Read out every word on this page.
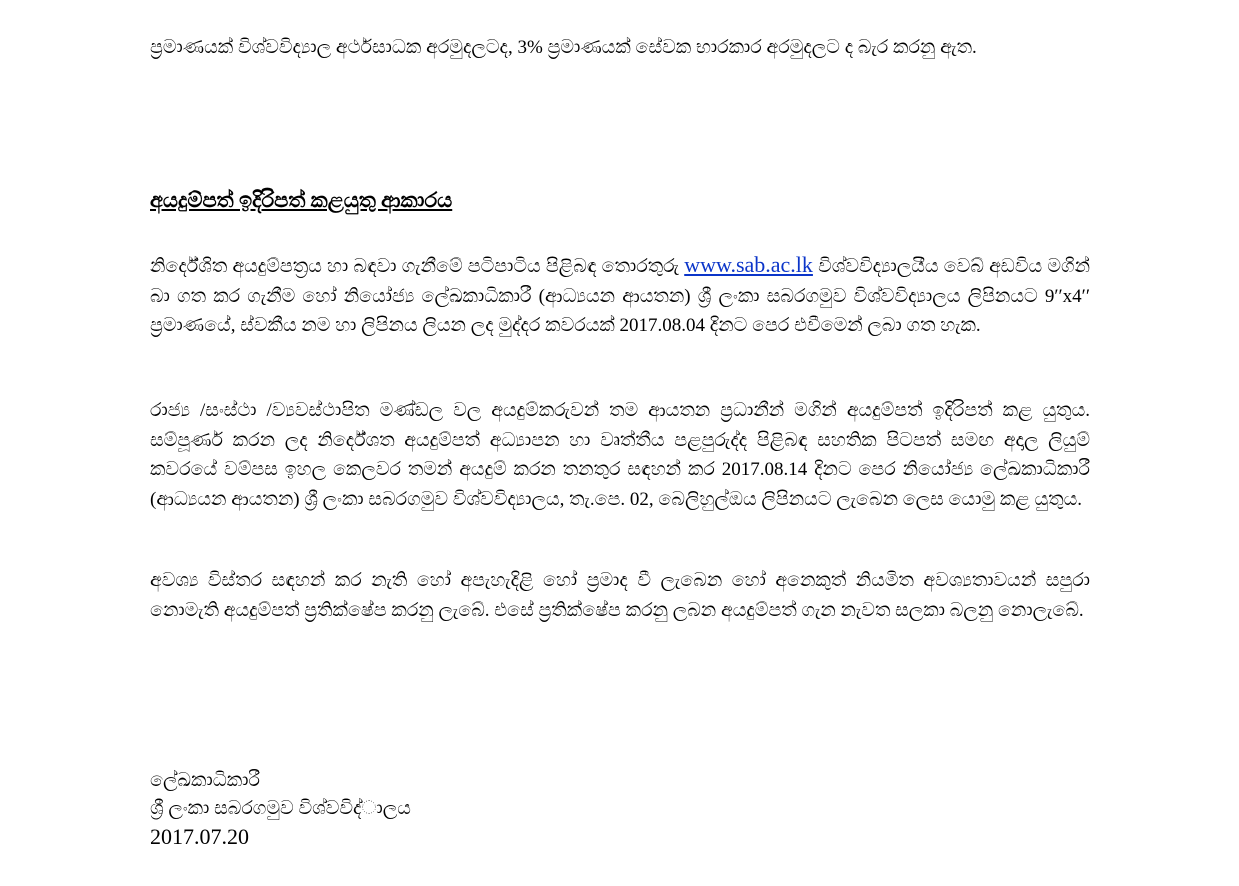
ප්‍රමාණයක් විශ්වවිද්‍යාල අර්ථසාධක අරමුදලටද, 3% ප්‍රමාණයක් සේවක භාරකාර අරමුදලට ද බැර කරනු ඇත.

අයදුම්පත් ඉදිරිපත් කළයුතු ආකාරය

නිර්දේශිත අයදුම්පත්‍රය හා බඳවා ගැනීමේ පටිපාටිය පිළිබඳ තොරතුරු www.sab.ac.lk විශ්වවිද්‍යාලයීය වෙබ් අඩවිය මගින් බා ගත කර ගැනීම හෝ නියෝජ්‍ය ලේඛකාධිකාරී (ආධ්‍යයන ආයතන) ශ්‍රී ලංකා සබරගමුව විශ්වවිද්‍යාලය ලිපිනයට 9′′x4′′ ප්‍රමාණයේ, ස්වකීය නම හා ලිපිනය ලියන ලද මුද්දර කවරයක් 2017.08.04 දිනට පෙර එවීමෙන් ලබා ගත හැක.

රාජ්‍ය /සංස්ථා /ව්‍යවස්ථාපිත මණ්ඩල වල අයදුම්කරුවන් තම ආයතන ප්‍රධානීන් මගින් අයදුම්පත් ඉදිරිපත් කළ යුතුය. සම්පූර්ණ කරන ලද නිර්දේශත අයදුම්පත් අධ්‍යාපන හා වෘත්තීය පළපුරුද්ද පිළිබඳ සහතික පිටපත් සමඟ අදාල ලියුම් කවරයේ වම්පස ඉහල කෙලවර තමන් අයදුම් කරන තනතුර සඳහන් කර 2017.08.14 දිනට පෙර නියෝජ්‍ය ලේඛකාධිකාරී (ආධ්‍යයන ආයතන) ශ්‍රී ලංකා සබරගමුව විශ්වවිද්‍යාලය, තැ.පෙ. 02, බෙලිහුල්ඔය ලිපිනයට ලැබෙන ලෙස යොමු කළ යුතුය.

අවශ්‍ය විස්තර සඳහන් කර නැති හෝ අපැහැදිළි හෝ ප්‍රමාද වී ලැබෙන හෝ අනෙකුත් නියමිත අවශ්‍යතාවයන් සපුරා නොමැති අයදුම්පත් ප්‍රතික්ෂේප කරනු ලැබේ. එසේ ප්‍රතික්ෂේප කරනු ලබන අයදුම්පත් ගැන නැවත සලකා බලනු නොලැබේ.

ලේඛකාධිකාරී

ශ්‍රී ලංකා සබරගමුව විශ්වවිද්‍ාලය

2017.07.20
